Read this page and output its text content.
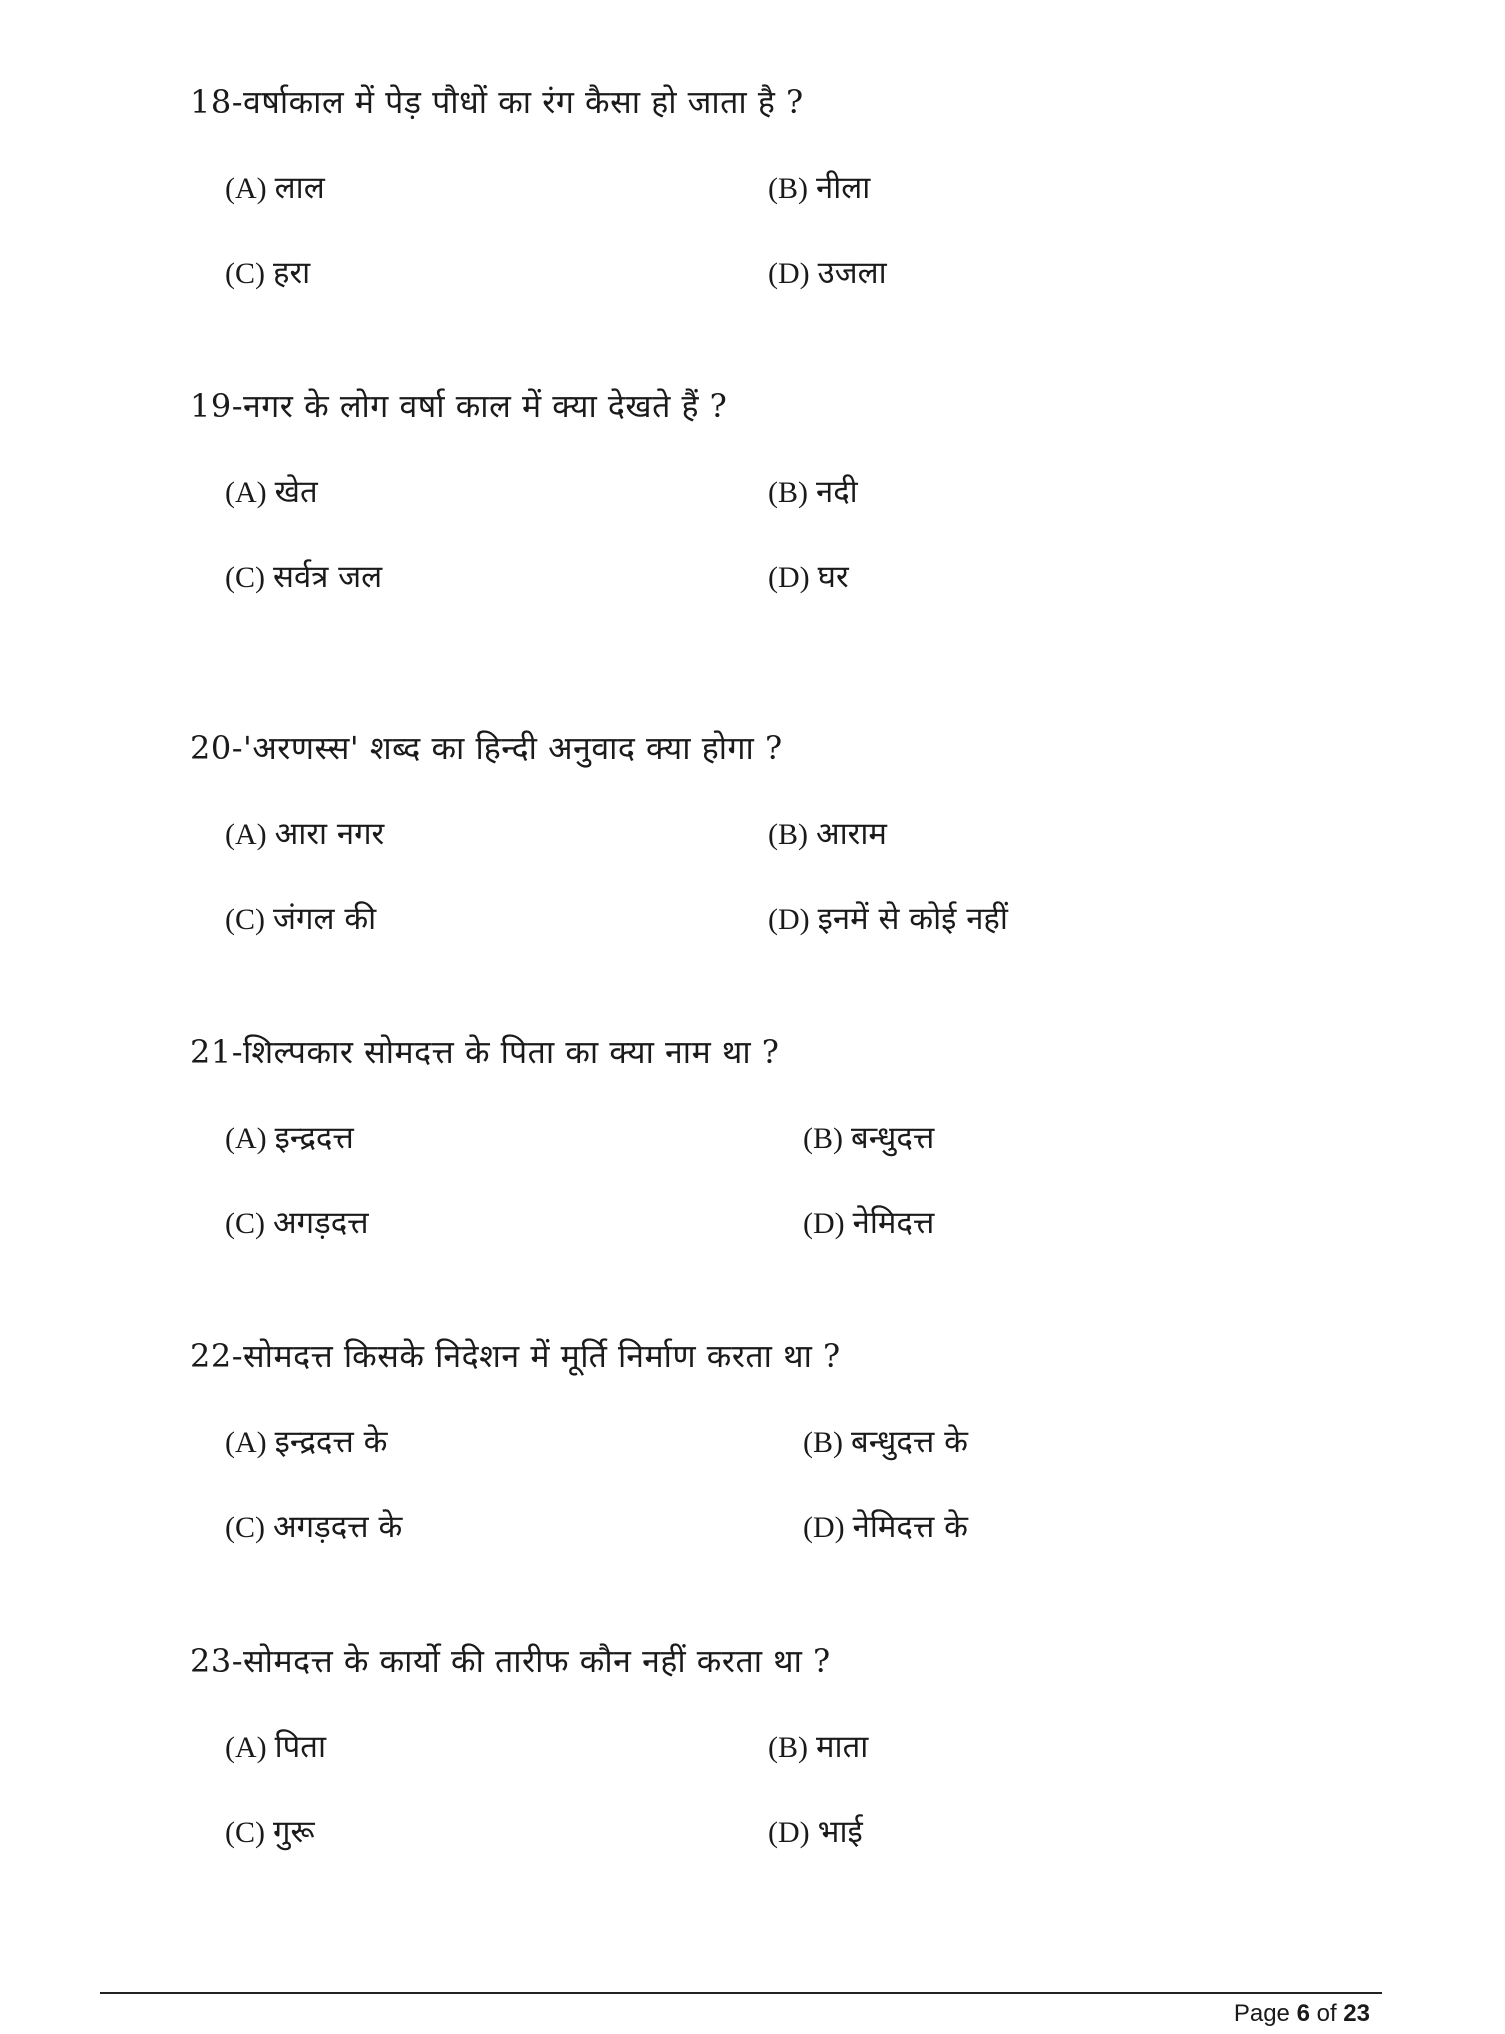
18-वर्षाकाल में पेड़ पौधों का रंग कैसा हो जाता है ?
(A) लाल	(B) नीला
(C) हरा	(D) उजला
19-नगर के लोग वर्षा काल में क्या देखते हैं ?
(A) खेत	(B) नदी
(C) सर्वत्र जल	(D) घर
20-'अरणस्स' शब्द का हिन्दी अनुवाद क्या होगा ?
(A) आरा नगर	(B) आराम
(C) जंगल की	(D) इनमें से कोई नहीं
21-शिल्पकार सोमदत्त के पिता का क्या नाम था ?
(A) इन्द्रदत्त	(B) बन्धुदत्त
(C) अगड़दत्त	(D) नेमिदत्त
22-सोमदत्त किसके निदेशन में मूर्ति निर्माण करता था ?
(A) इन्द्रदत्त के	(B) बन्धुदत्त के
(C) अगड़दत्त के	(D) नेमिदत्त के
23-सोमदत्त के कार्यो की तारीफ कौन नहीं करता था ?
(A) पिता	(B) माता
(C) गुरू	(D) भाई
Page 6 of 23
